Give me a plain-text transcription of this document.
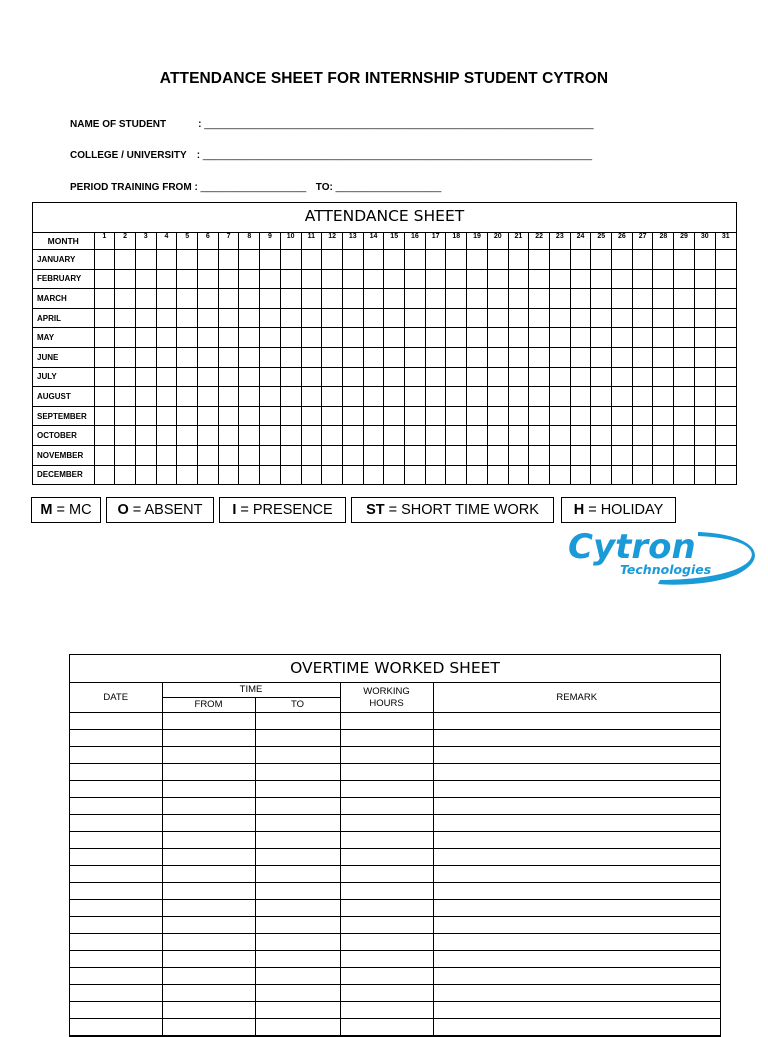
ATTENDANCE SHEET FOR INTERNSHIP STUDENT CYTRON
NAME OF STUDENT	: ______________________________________________________________________
COLLEGE / UNIVERSITY : ______________________________________________________________________
PERIOD TRAINING FROM : ___________________ TO: ___________________
ATTENDANCE SHEET
MONTH	1	2	3	4	5	6	7	8	9	10	11	12	13	14	15	16	17	18	19	20	21	22	23	24	25	26	27	28	29	30	31
JANUARY																															
FEBRUARY																															
MARCH																															
APRIL																															
MAY																															
JUNE																															
JULY																															
AUGUST																															
SEPTEMBER																															
OCTOBER																															
NOVEMBER																															
DECEMBER																															
M = MC	O = ABSENT	I = PRESENCE	ST = SHORT TIME WORK	H = HOLIDAY
Cytron
Technologies
OVERTIME WORKED SHEET
DATE	TIME		WORKING HOURS	REMARK
	FROM	TO		
